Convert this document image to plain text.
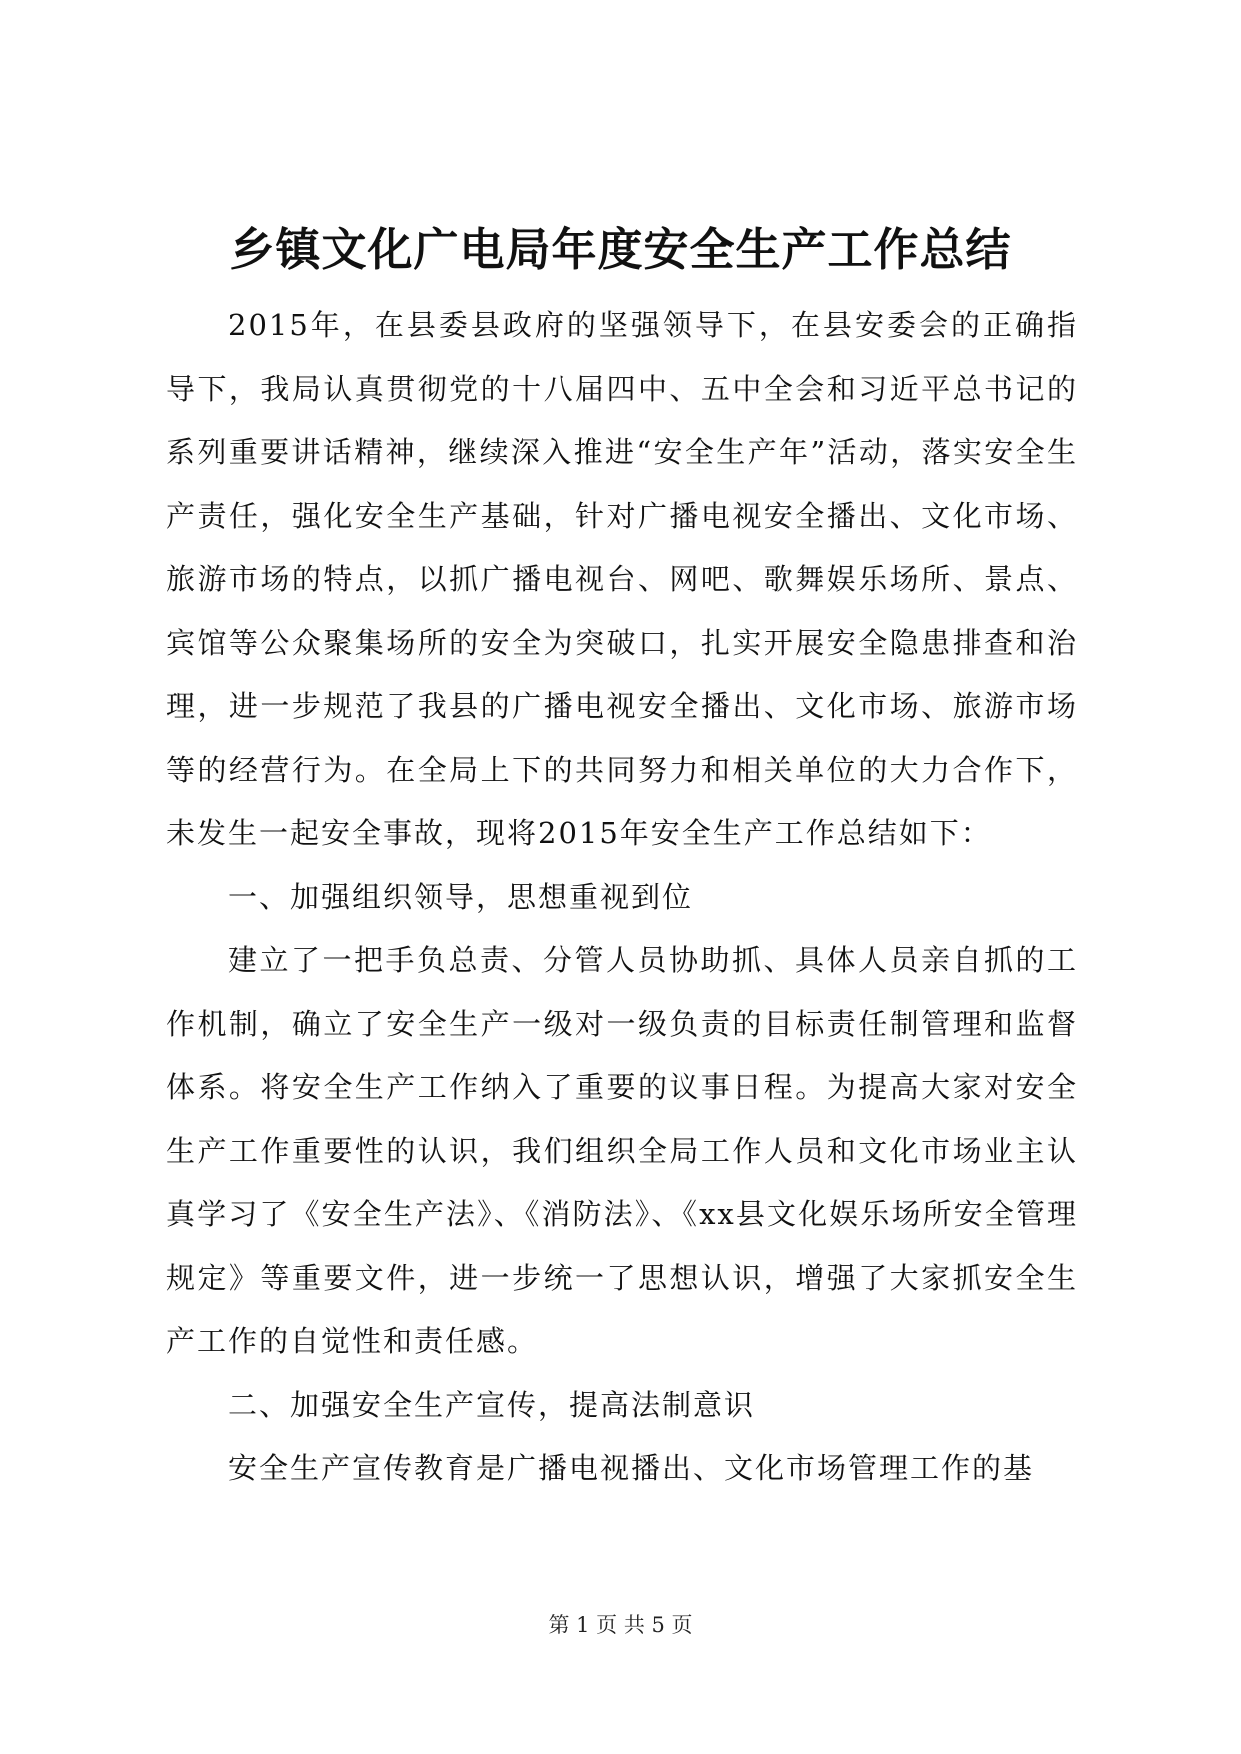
乡镇文化广电局年度安全生产工作总结

2015年，在县委县政府的坚强领导下，在县安委会的正确指导下，我局认真贯彻党的十八届四中、五中全会和习近平总书记的系列重要讲话精神，继续深入推进“安全生产年”活动，落实安全生产责任，强化安全生产基础，针对广播电视安全播出、文化市场、旅游市场的特点，以抓广播电视台、网吧、歌舞娱乐场所、景点、宾馆等公众聚集场所的安全为突破口，扎实开展安全隐患排查和治理，进一步规范了我县的广播电视安全播出、文化市场、旅游市场等的经营行为。在全局上下的共同努力和相关单位的大力合作下，未发生一起安全事故，现将2015年安全生产工作总结如下：

一、加强组织领导，思想重视到位

建立了一把手负总责、分管人员协助抓、具体人员亲自抓的工作机制，确立了安全生产一级对一级负责的目标责任制管理和监督体系。将安全生产工作纳入了重要的议事日程。为提高大家对安全生产工作重要性的认识，我们组织全局工作人员和文化市场业主认真学习了《安全生产法》、《消防法》、《xx县文化娱乐场所安全管理规定》等重要文件，进一步统一了思想认识，增强了大家抓安全生产工作的自觉性和责任感。

二、加强安全生产宣传，提高法制意识

安全生产宣传教育是广播电视播出、文化市场管理工作的基

第 1 页 共 5 页
